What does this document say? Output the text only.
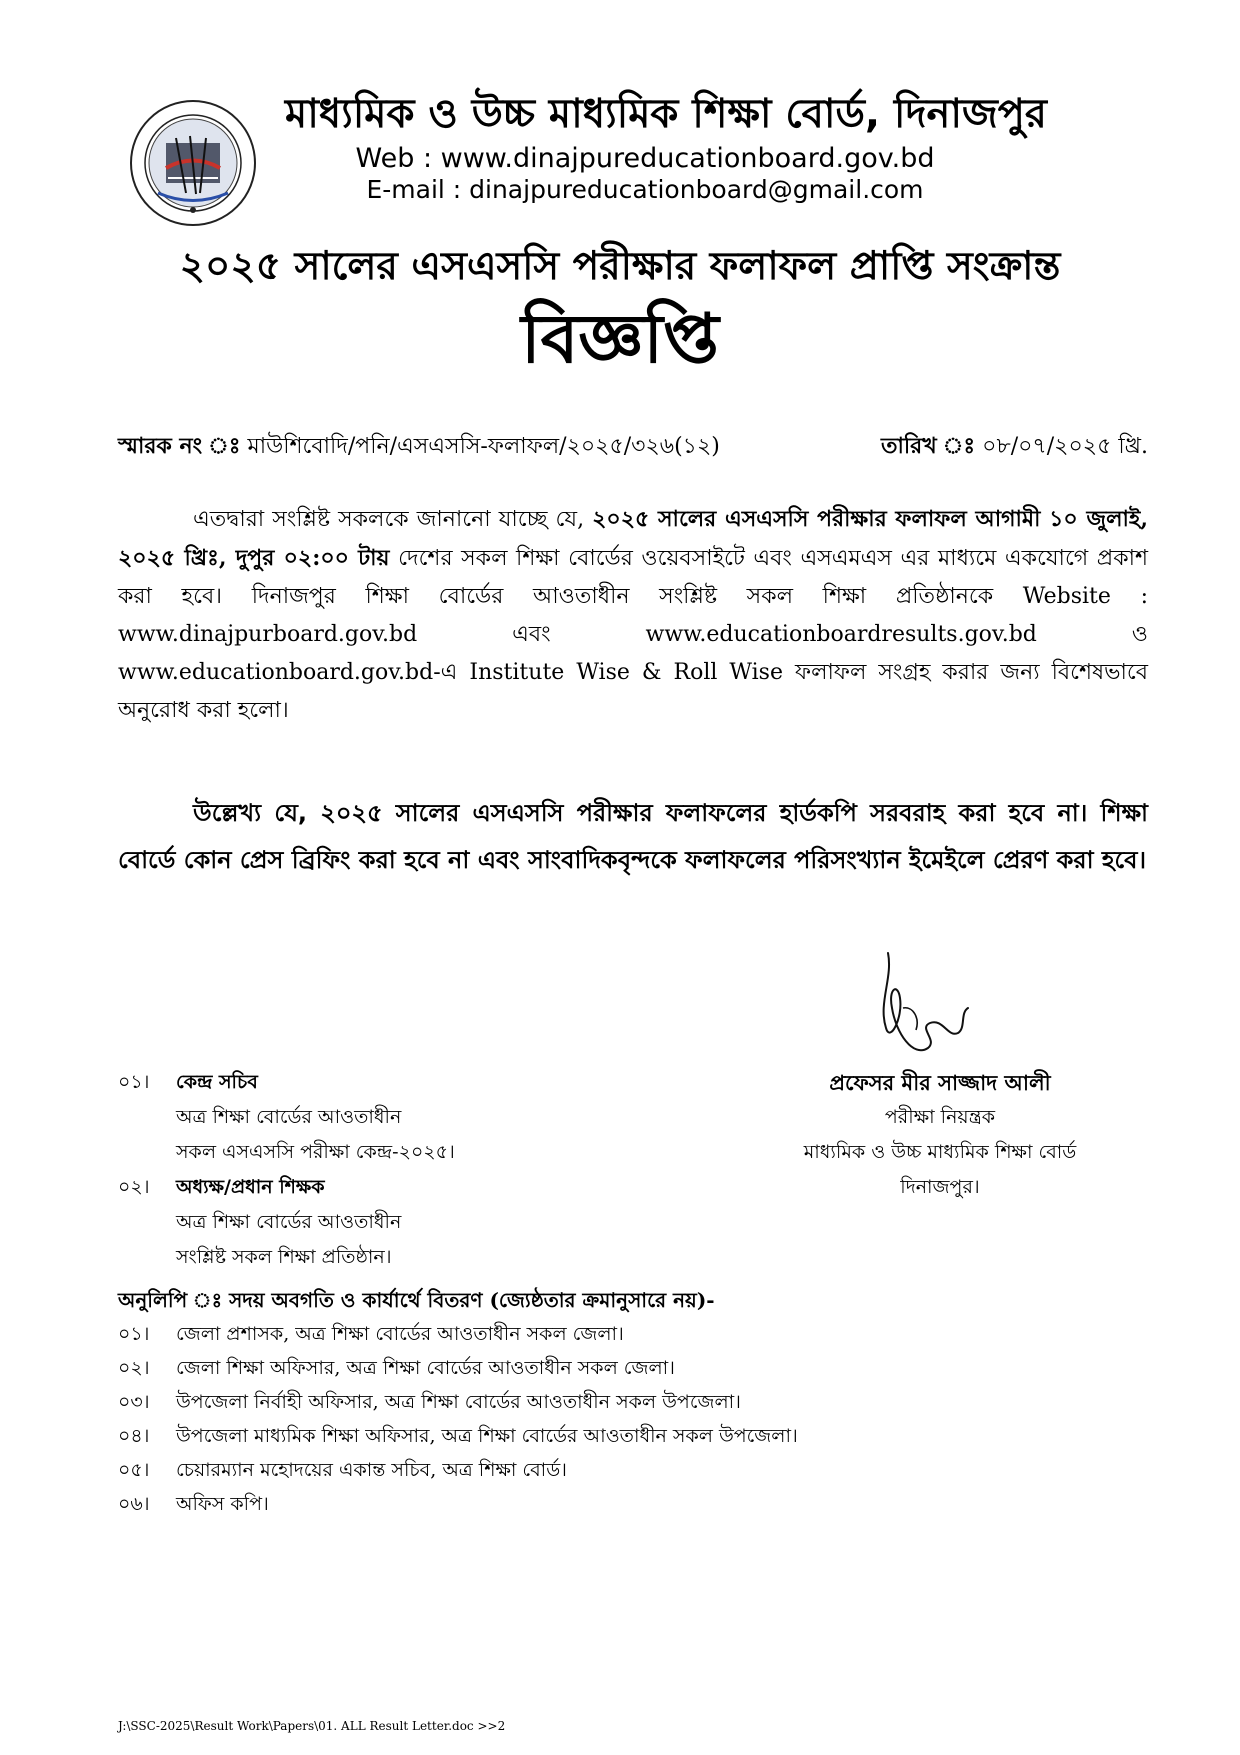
মাধ্যমিক ও উচ্চ মাধ্যমিক শিক্ষা বোর্ড, দিনাজপুর
Web : www.dinajpureducationboard.gov.bd
E-mail : dinajpureducationboard@gmail.com
২০২৫ সালের এসএসসি পরীক্ষার ফলাফল প্রাপ্তি সংক্রান্ত
বিজ্ঞপ্তি
স্মারক নং ঃ মাউশিবোদি/পনি/এসএসসি-ফলাফল/২০২৫/৩২৬(১২)	তারিখ ঃ ০৮/০৭/২০২৫ খ্রি.
এতদ্বারা সংশ্লিষ্ট সকলকে জানানো যাচ্ছে যে, ২০২৫ সালের এসএসসি পরীক্ষার ফলাফল আগামী ১০ জুলাই, ২০২৫ খ্রিঃ, দুপুর ০২:০০ টায় দেশের সকল শিক্ষা বোর্ডের ওয়েবসাইটে এবং এসএমএস এর মাধ্যমে একযোগে প্রকাশ করা হবে। দিনাজপুর শিক্ষা বোর্ডের আওতাধীন সংশ্লিষ্ট সকল শিক্ষা প্রতিষ্ঠানকে Website : www.dinajpurboard.gov.bd এবং www.educationboardresults.gov.bd ও www.educationboard.gov.bd-এ Institute Wise & Roll Wise ফলাফল সংগ্রহ করার জন্য বিশেষভাবে অনুরোধ করা হলো।
উল্লেখ্য যে, ২০২৫ সালের এসএসসি পরীক্ষার ফলাফলের হার্ডকপি সরবরাহ করা হবে না। শিক্ষা বোর্ডে কোন প্রেস ব্রিফিং করা হবে না এবং সাংবাদিকবৃন্দকে ফলাফলের পরিসংখ্যান ইমেইলে প্রেরণ করা হবে।
প্রফেসর মীর সাজ্জাদ আলী
পরীক্ষা নিয়ন্ত্রক
মাধ্যমিক ও উচ্চ মাধ্যমিক শিক্ষা বোর্ড
দিনাজপুর।
০১। কেন্দ্র সচিব
অত্র শিক্ষা বোর্ডের আওতাধীন
সকল এসএসসি পরীক্ষা কেন্দ্র-২০২৫।
০২। অধ্যক্ষ/প্রধান শিক্ষক
অত্র শিক্ষা বোর্ডের আওতাধীন
সংশ্লিষ্ট সকল শিক্ষা প্রতিষ্ঠান।
অনুলিপি ঃ সদয় অবগতি ও কার্যার্থে বিতরণ (জ্যেষ্ঠতার ক্রমানুসারে নয়)-
০১। জেলা প্রশাসক, অত্র শিক্ষা বোর্ডের আওতাধীন সকল জেলা।
০২। জেলা শিক্ষা অফিসার, অত্র শিক্ষা বোর্ডের আওতাধীন সকল জেলা।
০৩। উপজেলা নির্বাহী অফিসার, অত্র শিক্ষা বোর্ডের আওতাধীন সকল উপজেলা।
০৪। উপজেলা মাধ্যমিক শিক্ষা অফিসার, অত্র শিক্ষা বোর্ডের আওতাধীন সকল উপজেলা।
০৫। চেয়ারম্যান মহোদয়ের একান্ত সচিব, অত্র শিক্ষা বোর্ড।
০৬। অফিস কপি।
J:\SSC-2025\Result Work\Papers\01. ALL Result Letter.doc >>2
